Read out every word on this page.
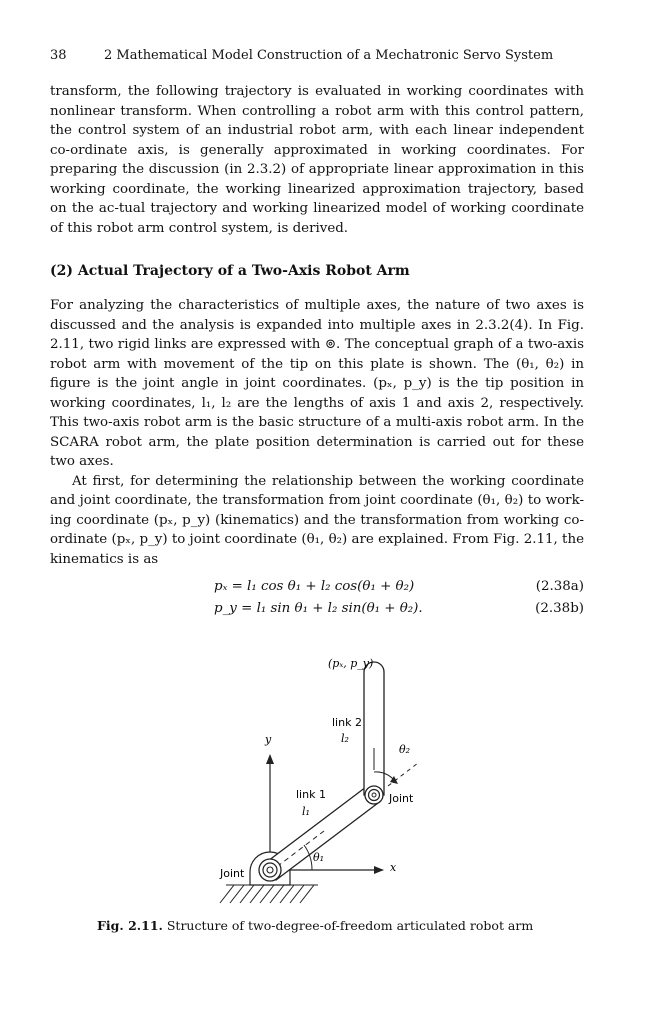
38	2 Mathematical Model Construction of a Mechatronic Servo System

transform, the following trajectory is evaluated in working coordinates with nonlinear transform. When controlling a robot arm with this control pattern, the control system of an industrial robot arm, with each linear independent co-ordinate axis, is generally approximated in working coordinates. For preparing the discussion (in 2.3.2) of appropriate linear approximation in this working coordinate, the working linearized approximation trajectory, based on the ac-tual trajectory and working linearized model of working coordinate of this robot arm control system, is derived.

(2) Actual Trajectory of a Two-Axis Robot Arm

For analyzing the characteristics of multiple axes, the nature of two axes is discussed and the analysis is expanded into multiple axes in 2.3.2(4). In Fig. 2.11, two rigid links are expressed with ⊚. The conceptual graph of a two-axis robot arm with movement of the tip on this plate is shown. The (θ₁, θ₂) in figure is the joint angle in joint coordinates. (pₓ, p_y) is the tip position in working coordinates, l₁, l₂ are the lengths of axis 1 and axis 2, respectively. This two-axis robot arm is the basic structure of a multi-axis robot arm. In the SCARA robot arm, the plate position determination is carried out for these two axes.

At first, for determining the relationship between the working coordinate and joint coordinate, the transformation from joint coordinate (θ₁, θ₂) to work-ing coordinate (pₓ, p_y) (kinematics) and the transformation from working co-ordinate (pₓ, p_y) to joint coordinate (θ₁, θ₂) are explained. From Fig. 2.11, the kinematics is as

pₓ = l₁ cos θ₁ + l₂ cos(θ₁ + θ₂)	(2.38a)
p_y = l₁ sin θ₁ + l₂ sin(θ₁ + θ₂).	(2.38b)
(pₓ, p_y)
link 2
l₂
θ₂
link 1
l₁
Joint
θ₁
Joint
y
x
Fig. 2.11. Structure of two-degree-of-freedom articulated robot arm
